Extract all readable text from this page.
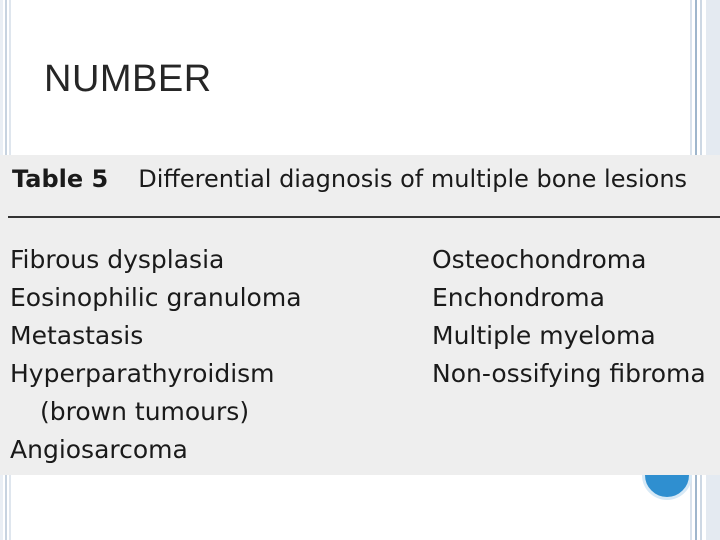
NUMBER
Table 5 Differential diagnosis of multiple bone lesions
Fibrous dysplasia
Eosinophilic granuloma
Metastasis
Hyperparathyroidism
(brown tumours)
Angiosarcoma
Osteochondroma
Enchondroma
Multiple myeloma
Non-ossifying fibroma
